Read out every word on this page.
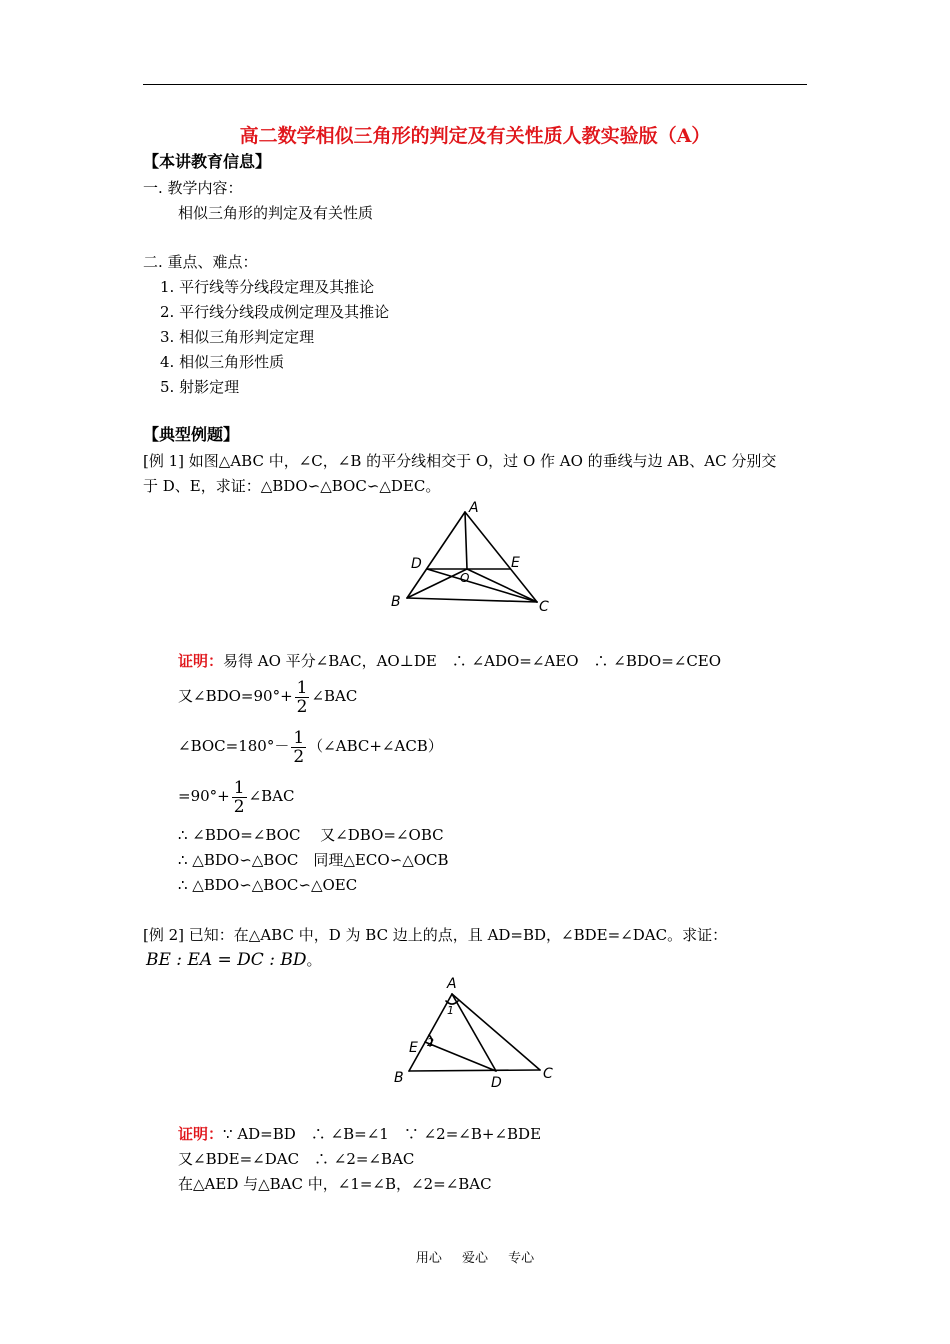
高二数学相似三角形的判定及有关性质人教实验版（A）
【本讲教育信息】
一. 教学内容：
相似三角形的判定及有关性质
二. 重点、难点：
1. 平行线等分线段定理及其推论
2. 平行线分线段成例定理及其推论
3. 相似三角形判定定理
4. 相似三角形性质
5. 射影定理
【典型例题】
[例 1] 如图△ABC 中，∠C，∠B 的平分线相交于 O，过 O 作 AO 的垂线与边 AB、AC 分别交
于 D、E，求证：△BDO∽△BOC∽△DEC。
A
B	C
D	E
O
证明：易得 AO 平分∠BAC，AO⊥DE　∴ ∠ADO=∠AEO　∴ ∠BDO=∠CEO
又∠BDO=90°+ $\frac{1}{2}$ ∠BAC
∠BOC=180°－ $\frac{1}{2}$ （∠ABC+∠ACB）
$=90^\circ+ \frac{1}{2}$ ∠BAC
∴ ∠BDO=∠BOC　 又∠DBO=∠OBC
∴ △BDO∽△BOC　同理△ECO∽△OCB
∴ △BDO∽△BOC∽△OEC
[例 2] 已知：在△ABC 中，D 为 BC 边上的点，且 AD=BD，∠BDE=∠DAC。求证：
BE : EA = DC : BD。
A
B	C
D
E
1
2
证明：∵ AD=BD　∴ ∠B=∠1　∵ ∠2=∠B+∠BDE
又∠BDE=∠DAC　∴ ∠2=∠BAC
在△AED 与△BAC 中，∠1=∠B，∠2=∠BAC
用心 爱心 专心
